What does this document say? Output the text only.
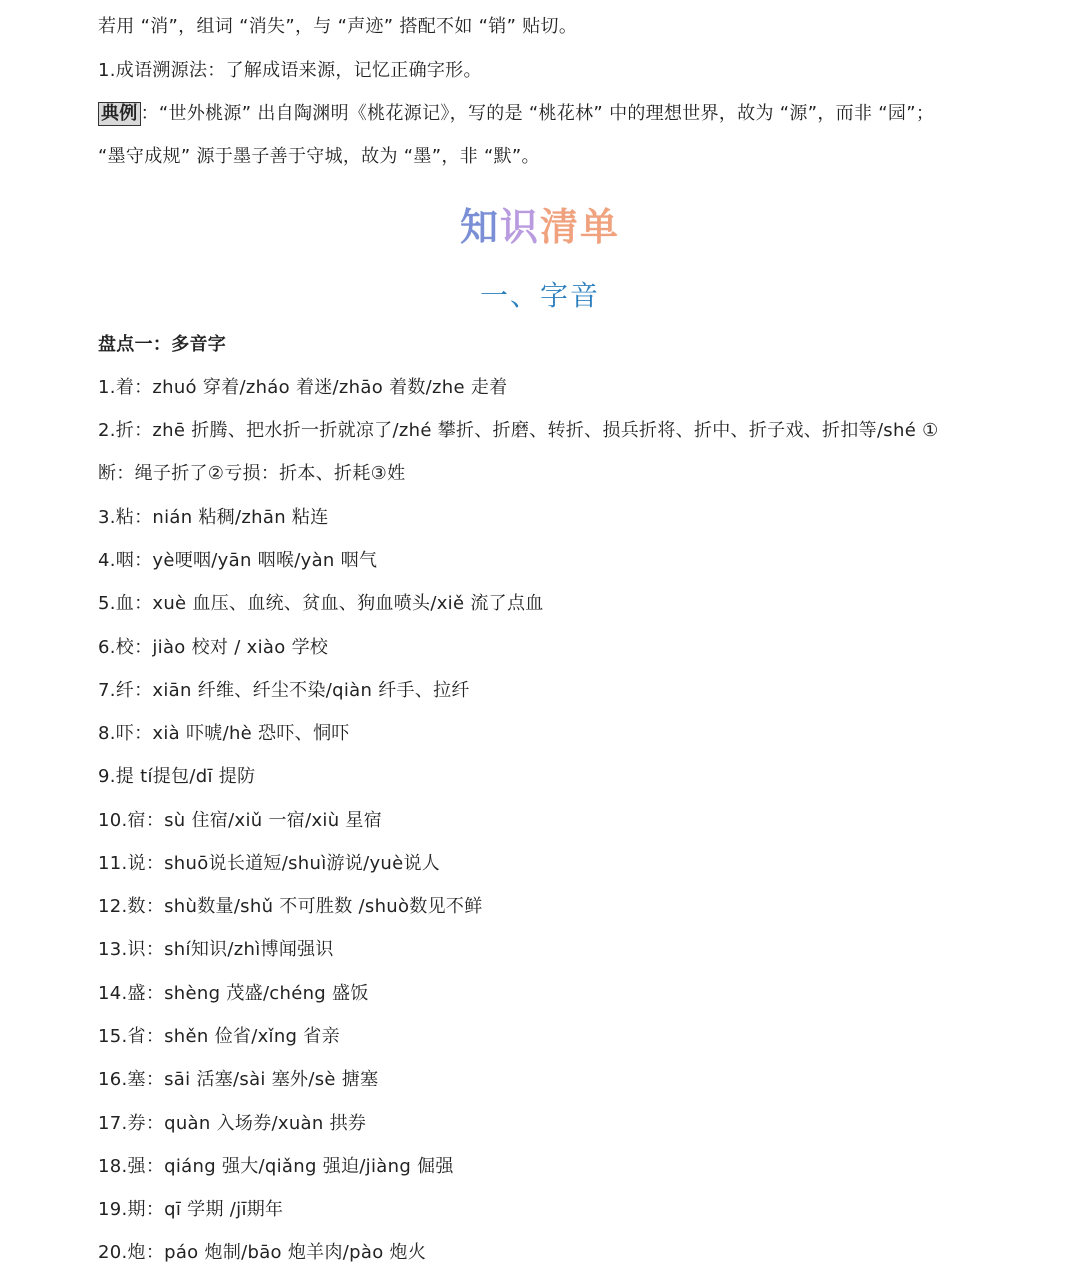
若用 “消”，组词 “消失”，与 “声迹” 搭配不如 “销” 贴切。
1.成语溯源法：了解成语来源，记忆正确字形。
典例 ：“世外桃源” 出自陶渊明《桃花源记》，写的是 “桃花林” 中的理想世界，故为 “源”，而非 “园”；
“墨守成规” 源于墨子善于守城，故为 “墨”，非 “默”。
知识清单
一、字音
盘点一：多音字
1.着：zhuó 穿着/zháo 着迷/zhāo 着数/zhe 走着
2.折：zhē 折腾、把水折一折就凉了/zhé 攀折、折磨、转折、损兵折将、折中、折子戏、折扣等/shé ①
断：绳子折了②亏损：折本、折耗③姓
3.粘：nián 粘稠/zhān 粘连
4.咽：yè哽咽/yān 咽喉/yàn 咽气
5.血：xuè 血压、血统、贫血、狗血喷头/xiě 流了点血
6.校：jiào 校对 / xiào 学校
7.纤：xiān 纤维、纤尘不染/qiàn 纤手、拉纤
8.吓：xià 吓唬/hè 恐吓、恫吓
9.提 tí提包/dī 提防
10.宿：sù 住宿/xiǔ 一宿/xiù 星宿
11.说：shuō说长道短/shuì游说/yuè说人
12.数：shù数量/shǔ 不可胜数 /shuò数见不鲜
13.识：shí知识/zhì博闻强识
14.盛：shèng 茂盛/chéng 盛饭
15.省：shěn 俭省/xǐng 省亲
16.塞：sāi 活塞/sài 塞外/sè 搪塞
17.券：quàn 入场券/xuàn 拱券
18.强：qiáng 强大/qiǎng 强迫/jiàng 倔强
19.期：qī 学期 /jī期年
20.炮：páo 炮制/bāo 炮羊肉/pào 炮火
